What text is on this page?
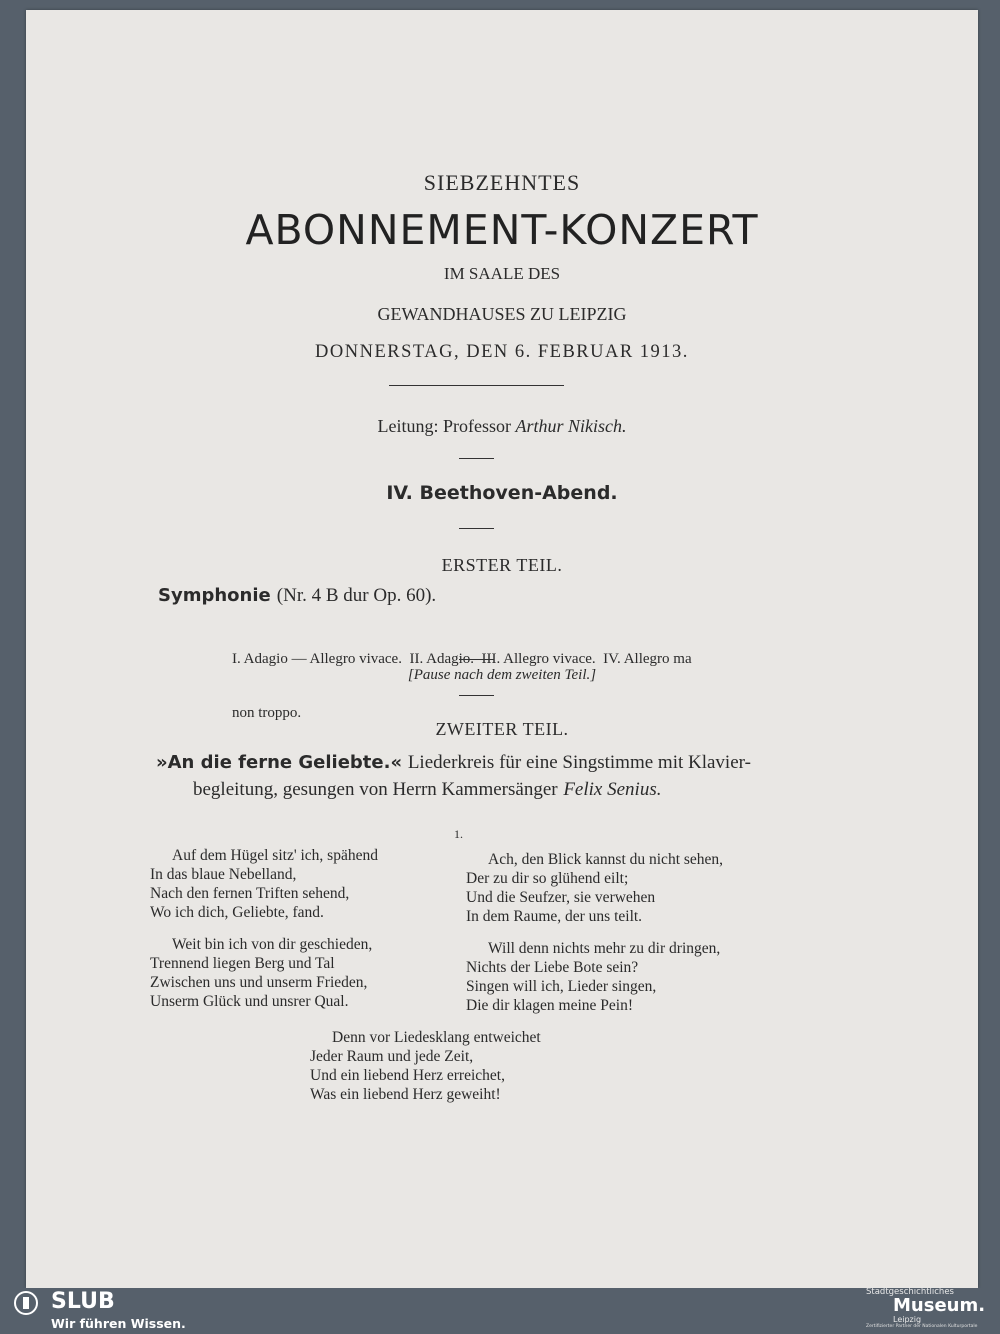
SIEBZEHNTES
ABONNEMENT-KONZERT
IM SAALE DES
GEWANDHAUSES ZU LEIPZIG
DONNERSTAG, DEN 6. FEBRUAR 1913.
Leitung: Professor Arthur Nikisch.
IV. Beethoven-Abend.
ERSTER TEIL.
Symphonie (Nr. 4 B dur Op. 60).

I. Adagio — Allegro vivace.  II. Adagio.  III. Allegro vivace.  IV. Allegro ma

non troppo.

[Pause nach dem zweiten Teil.]
ZWEITER TEIL.
»An die ferne Geliebte.« Liederkreis für eine Singstimme mit Klavier-
begleitung, gesungen von Herrn Kammersänger Felix Senius.
1.
Auf dem Hügel sitz' ich, spähend
In das blaue Nebelland,
Nach den fernen Triften sehend,
Wo ich dich, Geliebte, fand.
Ach, den Blick kannst du nicht sehen,
Der zu dir so glühend eilt;
Und die Seufzer, sie verwehen
In dem Raume, der uns teilt.
Weit bin ich von dir geschieden,
Trennend liegen Berg und Tal
Zwischen uns und unserm Frieden,
Unserm Glück und unsrer Qual.
Will denn nichts mehr zu dir dringen,
Nichts der Liebe Bote sein?
Singen will ich, Lieder singen,
Die dir klagen meine Pein!
Denn vor Liedesklang entweichet
Jeder Raum und jede Zeit,
Und ein liebend Herz erreichet,
Was ein liebend Herz geweiht!
SLUB
Wir führen Wissen.
Stadtgeschichtliches
Museum.
Leipzig
Zertifizierter Partner der Nationalen Kulturportale
